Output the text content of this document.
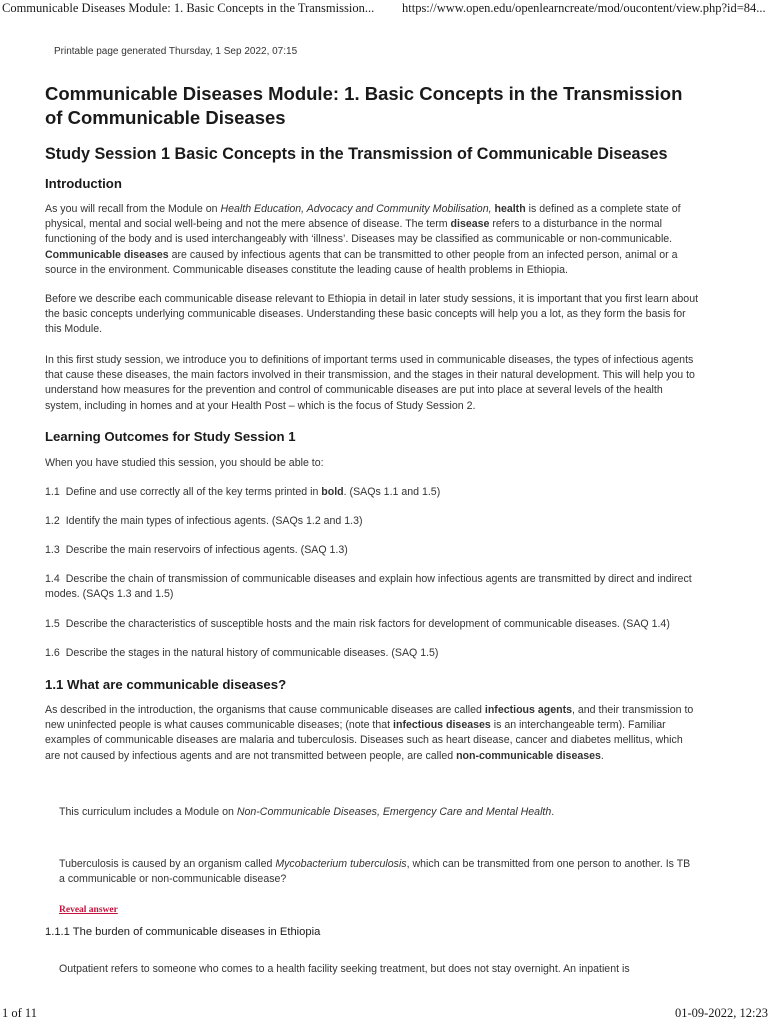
Communicable Diseases Module: 1. Basic Concepts in the Transmission... https://www.open.edu/openlearncreate/mod/oucontent/view.php?id=84...
Printable page generated Thursday, 1 Sep 2022, 07:15
Communicable Diseases Module: 1. Basic Concepts in the Transmission of Communicable Diseases
Study Session 1 Basic Concepts in the Transmission of Communicable Diseases
Introduction

As you will recall from the Module on Health Education, Advocacy and Community Mobilisation, health is defined as a complete state of physical, mental and social well-being and not the mere absence of disease. The term disease refers to a disturbance in the normal functioning of the body and is used interchangeably with ‘illness’. Diseases may be classified as communicable or non-communicable. Communicable diseases are caused by infectious agents that can be transmitted to other people from an infected person, animal or a source in the environment. Communicable diseases constitute the leading cause of health problems in Ethiopia.

Before we describe each communicable disease relevant to Ethiopia in detail in later study sessions, it is important that you first learn about the basic concepts underlying communicable diseases. Understanding these basic concepts will help you a lot, as they form the basis for this Module.

In this first study session, we introduce you to definitions of important terms used in communicable diseases, the types of infectious agents that cause these diseases, the main factors involved in their transmission, and the stages in their natural development. This will help you to understand how measures for the prevention and control of communicable diseases are put into place at several levels of the health system, including in homes and at your Health Post – which is the focus of Study Session 2.

Learning Outcomes for Study Session 1

When you have studied this session, you should be able to:

1.1 Define and use correctly all of the key terms printed in bold. (SAQs 1.1 and 1.5)

1.2 Identify the main types of infectious agents. (SAQs 1.2 and 1.3)

1.3 Describe the main reservoirs of infectious agents. (SAQ 1.3)

1.4 Describe the chain of transmission of communicable diseases and explain how infectious agents are transmitted by direct and indirect modes. (SAQs 1.3 and 1.5)

1.5 Describe the characteristics of susceptible hosts and the main risk factors for development of communicable diseases. (SAQ 1.4)

1.6 Describe the stages in the natural history of communicable diseases. (SAQ 1.5)

1.1 What are communicable diseases?

As described in the introduction, the organisms that cause communicable diseases are called infectious agents, and their transmission to new uninfected people is what causes communicable diseases; (note that infectious diseases is an interchangeable term). Familiar examples of communicable diseases are malaria and tuberculosis. Diseases such as heart disease, cancer and diabetes mellitus, which are not caused by infectious agents and are not transmitted between people, are called non-communicable diseases.

This curriculum includes a Module on Non-Communicable Diseases, Emergency Care and Mental Health.

Tuberculosis is caused by an organism called Mycobacterium tuberculosis, which can be transmitted from one person to another. Is TB a communicable or non-communicable disease?

Reveal answer

1.1.1 The burden of communicable diseases in Ethiopia

Outpatient refers to someone who comes to a health facility seeking treatment, but does not stay overnight. An inpatient is

1 of 11	01-09-2022, 12:23
